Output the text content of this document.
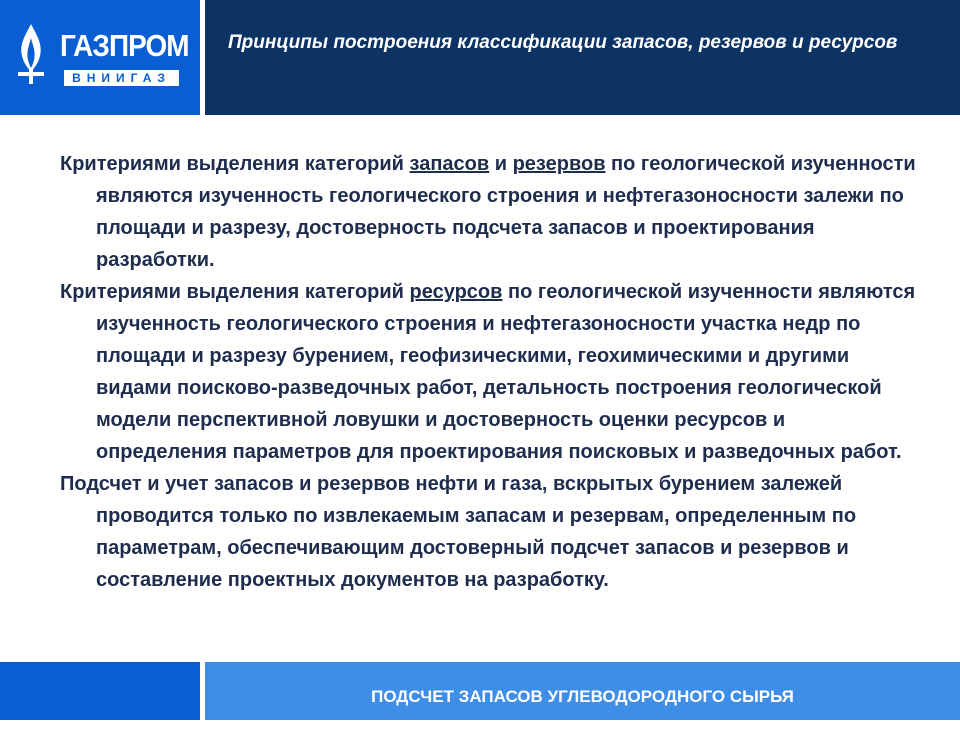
ГАЗПРОМ
ВНИИГАЗ
Принципы построения классификации запасов, резервов и ресурсов

Критериями выделения категорий запасов и резервов по геологической изученности являются изученность геологического строения и нефтегазоносности залежи по площади и разрезу, достоверность подсчета запасов и проектирования разработки.

Критериями выделения категорий ресурсов по геологической изученности являются изученность геологического строения и нефтегазоносности участка недр по площади и разрезу бурением, геофизическими, геохимическими и другими видами поисково-разведочных работ, детальность построения геологической модели перспективной ловушки и достоверность оценки ресурсов и определения параметров для проектирования поисковых и разведочных работ.

Подсчет и учет запасов и резервов нефти и газа, вскрытых бурением залежей проводится только по извлекаемым запасам и резервам, определенным по параметрам, обеспечивающим достоверный подсчет запасов и резервов и составление проектных документов на разработку.

ПОДСЧЕТ ЗАПАСОВ УГЛЕВОДОРОДНОГО СЫРЬЯ
